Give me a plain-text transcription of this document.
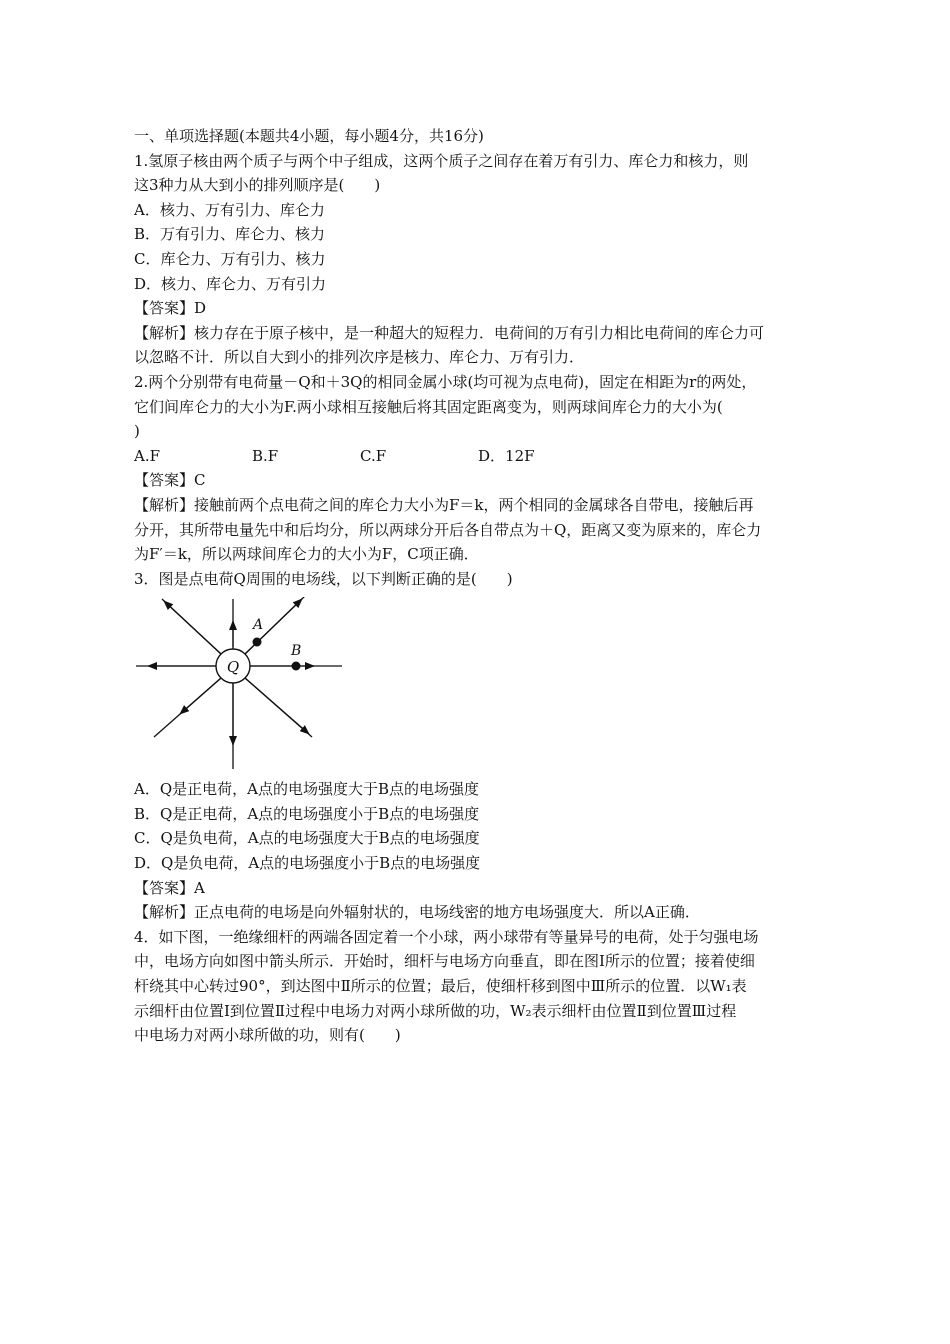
一、单项选择题(本题共4小题，每小题4分，共16分)
1.氢原子核由两个质子与两个中子组成，这两个质子之间存在着万有引力、库仑力和核力，则
这3种力从大到小的排列顺序是(　　)
A．核力、万有引力、库仑力
B．万有引力、库仑力、核力
C．库仑力、万有引力、核力
D．核力、库仑力、万有引力
【答案】D
【解析】核力存在于原子核中，是一种超大的短程力．电荷间的万有引力相比电荷间的库仑力可
以忽略不计．所以自大到小的排列次序是核力、库仑力、万有引力．
2.两个分别带有电荷量－Q和＋3Q的相同金属小球(均可视为点电荷)，固定在相距为r的两处，
它们间库仑力的大小为F.两小球相互接触后将其固定距离变为，则两球间库仑力的大小为(
)
A.F	B.F	C.F	D．12F
【答案】C
【解析】接触前两个点电荷之间的库仑力大小为F＝k，两个相同的金属球各自带电，接触后再
分开，其所带电量先中和后均分，所以两球分开后各自带点为＋Q，距离又变为原来的，库仑力
为F′＝k，所以两球间库仑力的大小为F，C项正确．
3．图是点电荷Q周围的电场线，以下判断正确的是(　　)
Q
A
B
A．Q是正电荷，A点的电场强度大于B点的电场强度
B．Q是正电荷，A点的电场强度小于B点的电场强度
C．Q是负电荷，A点的电场强度大于B点的电场强度
D．Q是负电荷，A点的电场强度小于B点的电场强度
【答案】A
【解析】正点电荷的电场是向外辐射状的，电场线密的地方电场强度大．所以A正确．
4．如下图，一绝缘细杆的两端各固定着一个小球，两小球带有等量异号的电荷，处于匀强电场
中，电场方向如图中箭头所示．开始时，细杆与电场方向垂直，即在图Ⅰ所示的位置；接着使细
杆绕其中心转过90°，到达图中Ⅱ所示的位置；最后，使细杆移到图中Ⅲ所示的位置．以W₁表
示细杆由位置Ⅰ到位置Ⅱ过程中电场力对两小球所做的功，W₂表示细杆由位置Ⅱ到位置Ⅲ过程
中电场力对两小球所做的功，则有(　　)
